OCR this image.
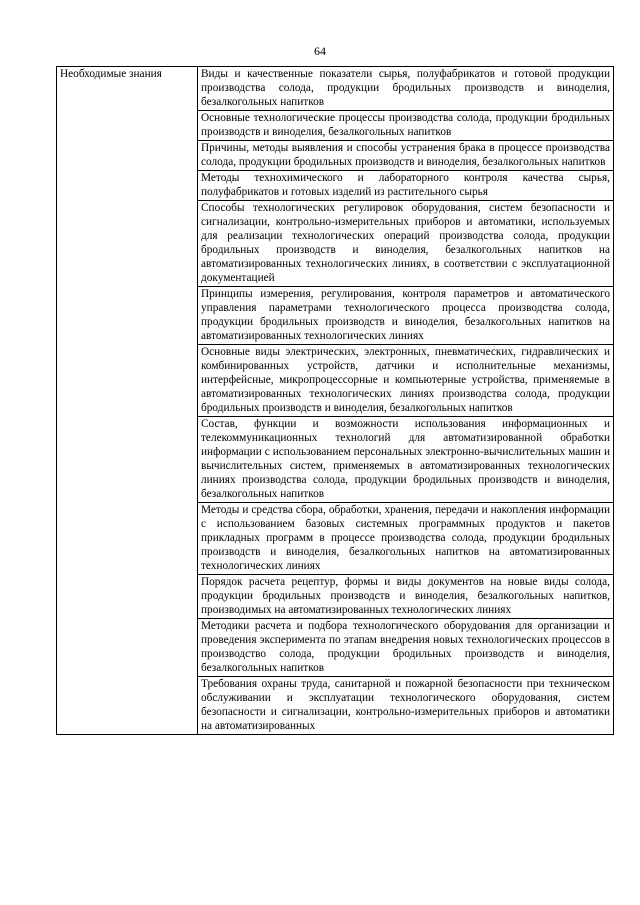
64
Необходимые знания	Виды и качественные показатели сырья, полуфабрикатов и готовой продукции производства солода, продукции бродильных производств и виноделия, безалкогольных напитков
Основные технологические процессы производства солода, продукции бродильных производств и виноделия, безалкогольных напитков
Причины, методы выявления и способы устранения брака в процессе производства солода, продукции бродильных производств и виноделия, безалкогольных напитков
Методы технохимического и лабораторного контроля качества сырья, полуфабрикатов и готовых изделий из растительного сырья
Способы технологических регулировок оборудования, систем безопасности и сигнализации, контрольно-измерительных приборов и автоматики, используемых для реализации технологических операций производства солода, продукции бродильных производств и виноделия, безалкогольных напитков на автоматизированных технологических линиях, в соответствии с эксплуатационной документацией
Принципы измерения, регулирования, контроля параметров и автоматического управления параметрами технологического процесса производства солода, продукции бродильных производств и виноделия, безалкогольных напитков на автоматизированных технологических линиях
Основные виды электрических, электронных, пневматических, гидравлических и комбинированных устройств, датчики и исполнительные механизмы, интерфейсные, микропроцессорные и компьютерные устройства, применяемые в автоматизированных технологических линиях производства солода, продукции бродильных производств и виноделия, безалкогольных напитков
Состав, функции и возможности использования информационных и телекоммуникационных технологий для автоматизированной обработки информации с использованием персональных электронно-вычислительных машин и вычислительных систем, применяемых в автоматизированных технологических линиях производства солода, продукции бродильных производств и виноделия, безалкогольных напитков
Методы и средства сбора, обработки, хранения, передачи и накопления информации с использованием базовых системных программных продуктов и пакетов прикладных программ в процессе производства солода, продукции бродильных производств и виноделия, безалкогольных напитков на автоматизированных технологических линиях
Порядок расчета рецептур, формы и виды документов на новые виды солода, продукции бродильных производств и виноделия, безалкогольных напитков, производимых на автоматизированных технологических линиях
Методики расчета и подбора технологического оборудования для организации и проведения эксперимента по этапам внедрения новых технологических процессов в производство солода, продукции бродильных производств и виноделия, безалкогольных напитков
Требования охраны труда, санитарной и пожарной безопасности при техническом обслуживании и эксплуатации технологического оборудования, систем безопасности и сигнализации, контрольно-измерительных приборов и автоматики на автоматизированных
